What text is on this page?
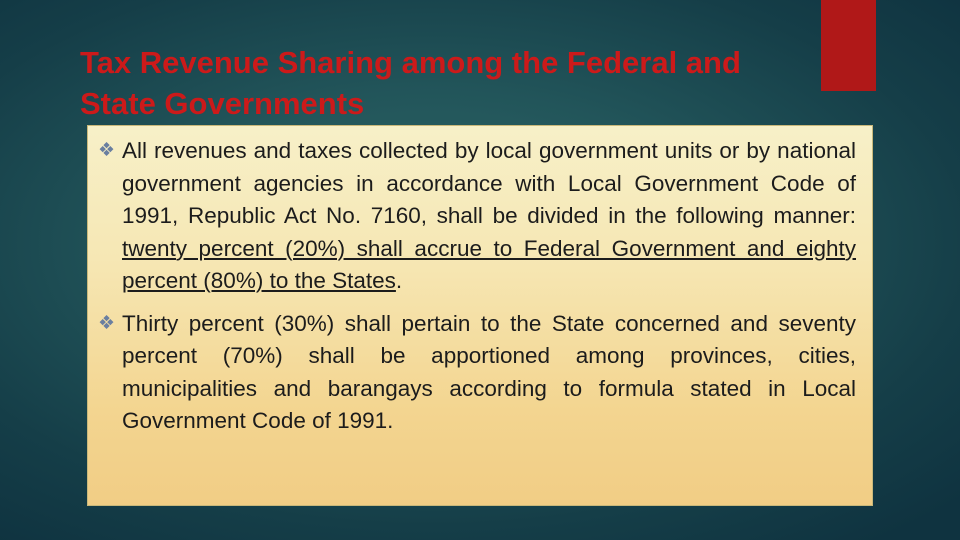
Tax Revenue Sharing among the Federal and State Governments
❖ All revenues and taxes collected by local government units or by national government agencies in accordance with Local Government Code of 1991, Republic Act No. 7160, shall be divided in the following manner: twenty percent (20%) shall accrue to Federal Government and eighty percent (80%) to the States.
❖ Thirty percent (30%) shall pertain to the State concerned and seventy percent (70%) shall be apportioned among provinces, cities, municipalities and barangays according to formula stated in Local Government Code of 1991.
